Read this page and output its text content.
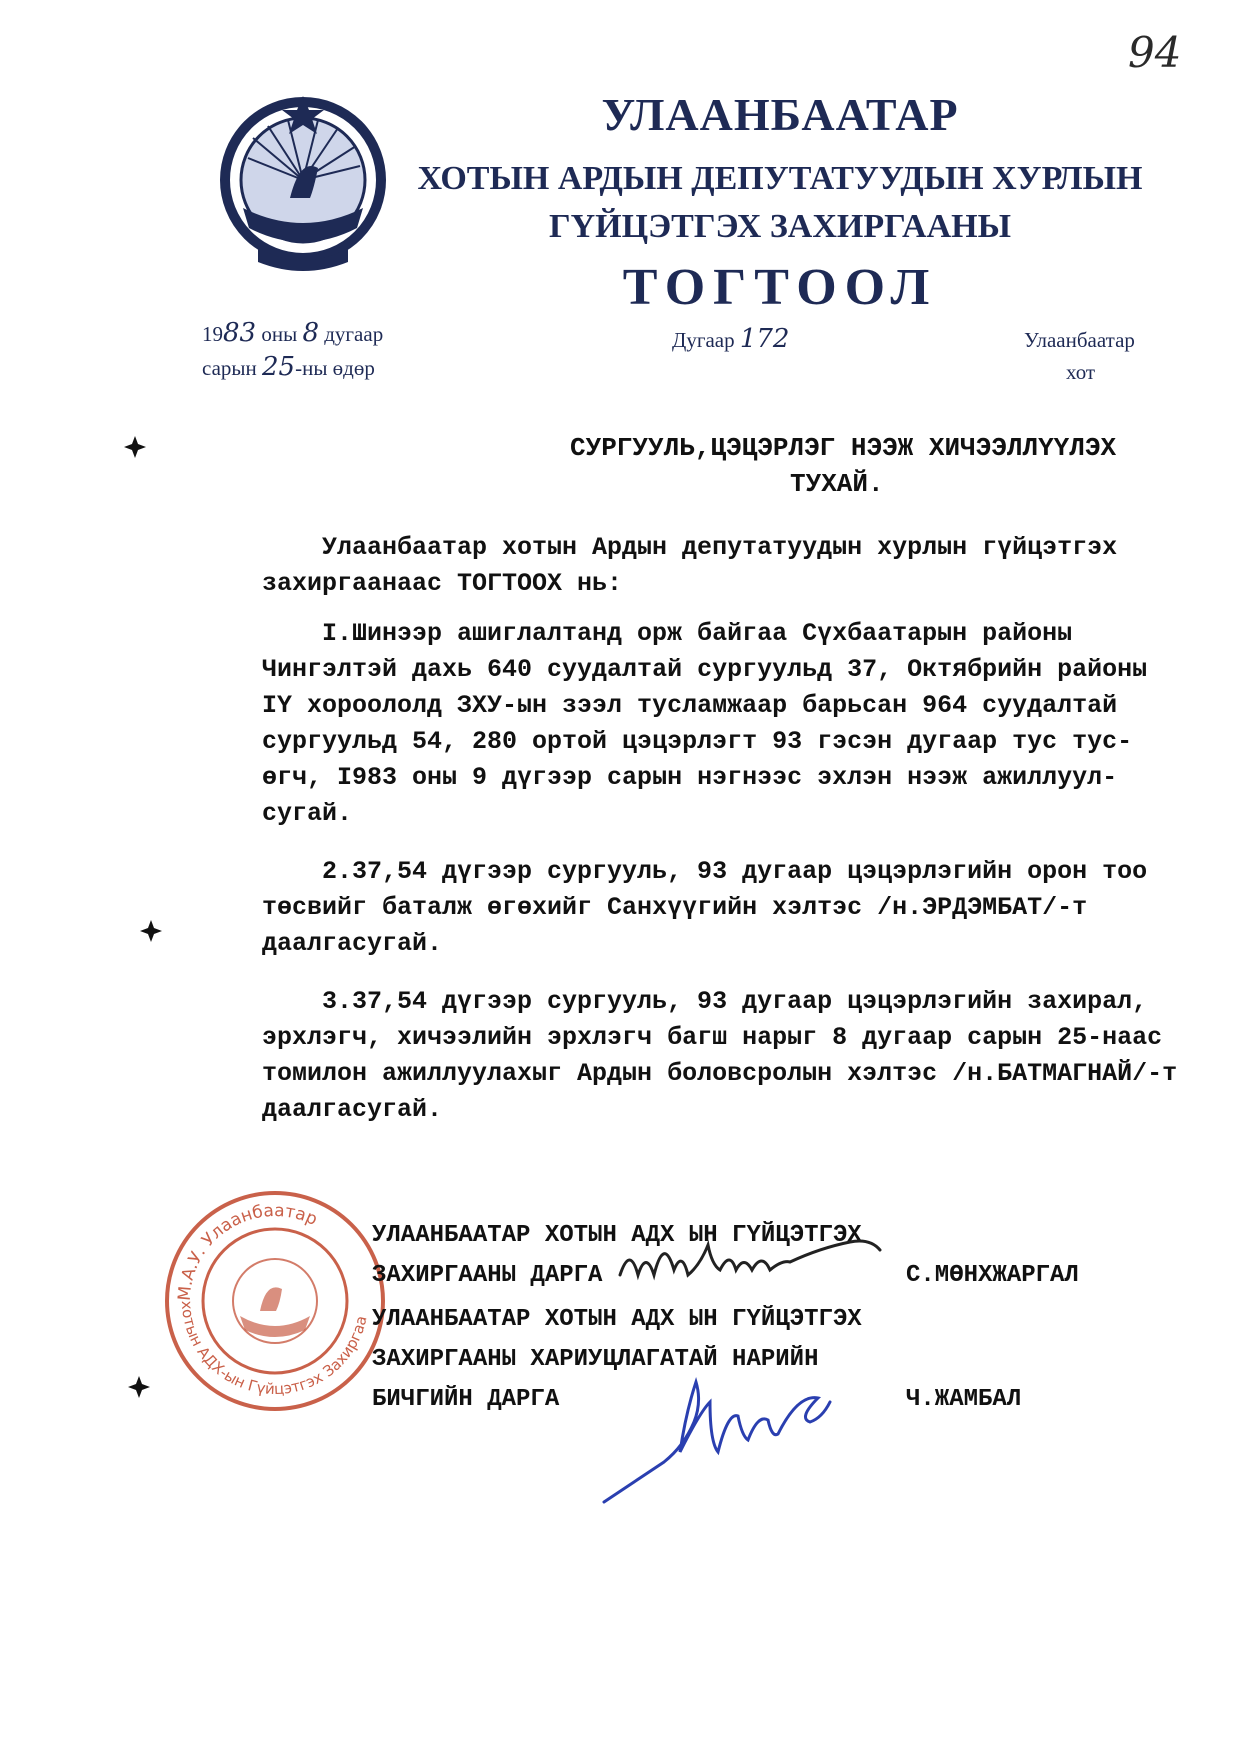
94
УЛААНБААТАР
ХОТЫН АРДЫН ДЕПУТАТУУДЫН ХУРЛЫН
ГҮЙЦЭТГЭХ ЗАХИРГААНЫ
ТОГТООЛ
1983 оны 8 дугаар
сарын 25-ны өдөр
Дугаар 172	Улаанбаатар
хот
СУРГУУЛЬ,ЦЭЦЭРЛЭГ НЭЭЖ ХИЧЭЭЛЛҮҮЛЭХ
ТУХАЙ.
Улаанбаатар хотын Ардын депутатуудын хурлын гүйцэтгэх
захиргаанаас ТОГТООХ нь:

I.Шинээр ашиглалтанд орж байгаа Сүхбаатарын районы Чингэлтэй дахь 640 суудалтай сургуульд 37, Октябрийн районы IY хороололд ЗХУ-ын зээл тусламжаар барьсан 964 суудалтай сургуульд 54, 280 ортой цэцэрлэгт 93 гэсэн дугаар тус тус-өгч, I983 оны 9 дүгээр сарын нэгнээс эхлэн нээж ажиллуул-сугай.

2.37,54 дүгээр сургууль, 93 дугаар цэцэрлэгийн орон тоо төсвийг баталж өгөхийг Санхүүгийн хэлтэс /н.ЭРДЭМБАТ/-т даалгасугай.

3.37,54 дүгээр сургууль, 93 дугаар цэцэрлэгийн захирал, эрхлэгч, хичээлийн эрхлэгч багш нарыг 8 дугаар сарын 25-наас томилон ажиллуулахыг Ардын боловсролын хэлтэс /н.БАТМАГНАЙ/-т даалгасугай.

М.А.У. Улаанбаатар
хотын АДХ-ын Гүйцэтгэх Захиргаа
УЛААНБААТАР ХОТЫН АДХ ЫН ГҮЙЦЭТГЭХ
ЗАХИРГААНЫ ДАРГА	С.МӨНХЖАРГАЛ
УЛААНБААТАР ХОТЫН АДХ ЫН ГҮЙЦЭТГЭХ
ЗАХИРГААНЫ ХАРИУЦЛАГАТАЙ НАРИЙН
БИЧГИЙН ДАРГА	Ч.ЖАМБАЛ
